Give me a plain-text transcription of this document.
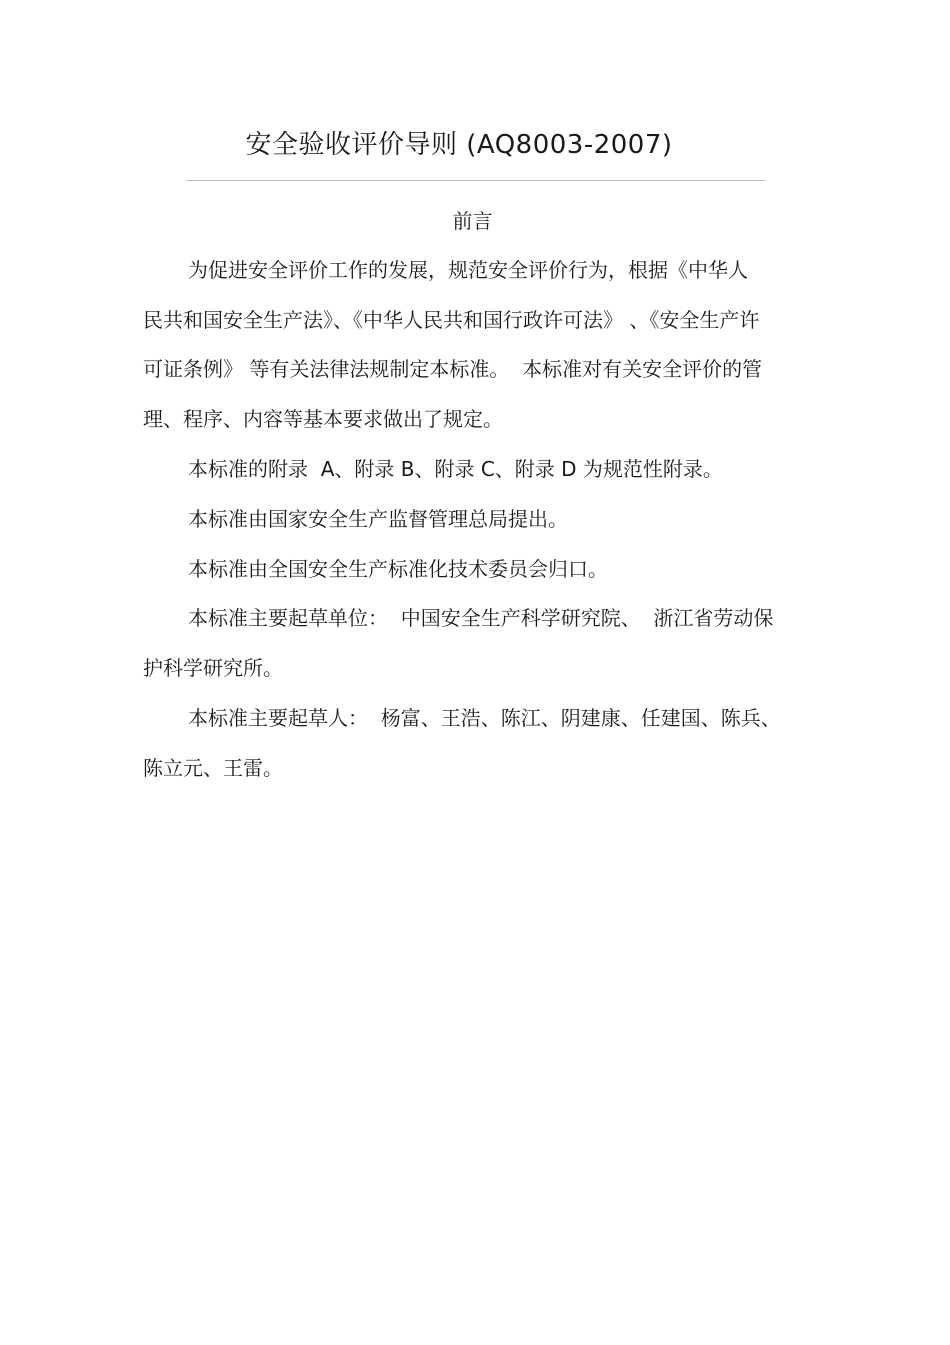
安全验收评价导则 (AQ8003-2007)
前言
为促进安全评价工作的发展，规范安全评价行为，根据《中华人
民共和国安全生产法》、《中华人民共和国行政许可法》 、《安全生产许
可证条例》 等有关法律法规制定本标准。  本标准对有关安全评价的管
理、程序、内容等基本要求做出了规定。
本标准的附录  A、附录 B、附录 C、附录 D 为规范性附录。
本标准由国家安全生产监督管理总局提出。
本标准由全国安全生产标准化技术委员会归口。
本标准主要起草单位：  中国安全生产科学研究院、  浙江省劳动保
护科学研究所。
本标准主要起草人：  杨富、王浩、陈江、阴建康、任建国、陈兵、
陈立元、王雷。
